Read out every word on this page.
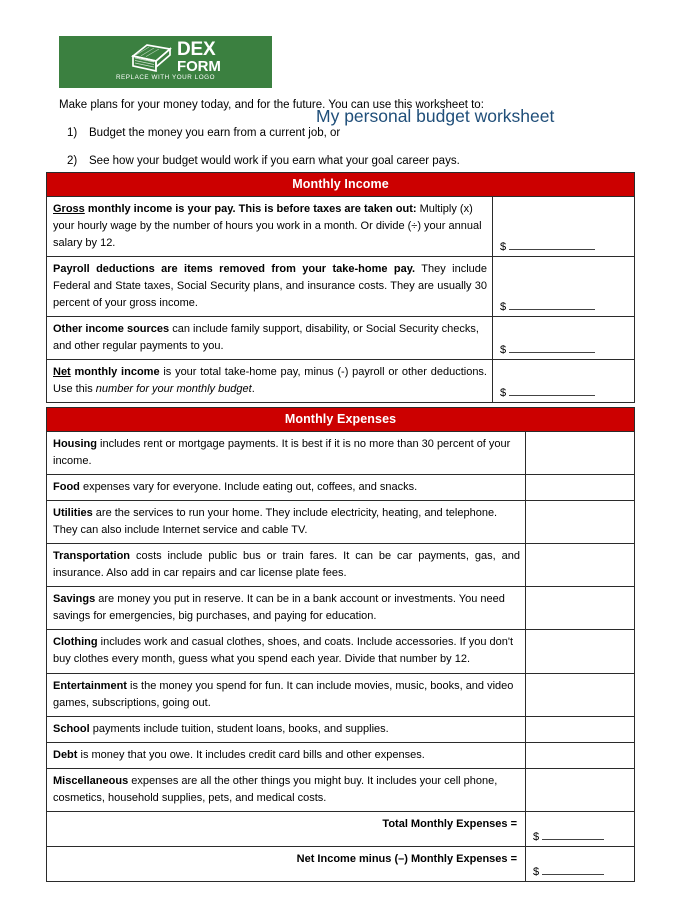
DEX
FORM
REPLACE WITH YOUR LOGO
My personal budget worksheet

Make plans for your money today, and for the future. You can use this worksheet to:

1) Budget the money you earn from a current job, or
2) See how your budget would work if you earn what your goal career pays.
Monthly Income	
Gross monthly income is your pay. This is before taxes are taken out: Multiply (x) your hourly wage by the number of hours you work in a month. Or divide (÷) your annual salary by 12.	$

Payroll deductions are items removed from your take-home pay. They include Federal and State taxes, Social Security plans, and insurance costs. They are usually 30 percent of your gross income.	$

Other income sources can include family support, disability, or Social Security checks, and other regular payments to you.	$

Net monthly income is your total take-home pay, minus (-) payroll or other deductions. Use this number for your monthly budget.	$
Monthly Expenses	
Housing includes rent or mortgage payments. It is best if it is no more than 30 percent of your income.	
Food expenses vary for everyone. Include eating out, coffees, and snacks.	
Utilities are the services to run your home. They include electricity, heating, and telephone. They can also include Internet service and cable TV.	
Transportation costs include public bus or train fares. It can be car payments, gas, and insurance. Also add in car repairs and car license plate fees.	
Savings are money you put in reserve. It can be in a bank account or investments. You need savings for emergencies, big purchases, and paying for education.	
Clothing includes work and casual clothes, shoes, and coats. Include accessories. If you don't buy clothes every month, guess what you spend each year. Divide that number by 12.	
Entertainment is the money you spend for fun. It can include movies, music, books, and video games, subscriptions, going out.	
School payments include tuition, student loans, books, and supplies.	
Debt is money that you owe. It includes credit card bills and other expenses.	
Miscellaneous expenses are all the other things you might buy. It includes your cell phone, cosmetics, household supplies, pets, and medical costs.	
Total Monthly Expenses =	$

Net Income minus (–) Monthly Expenses =	$
